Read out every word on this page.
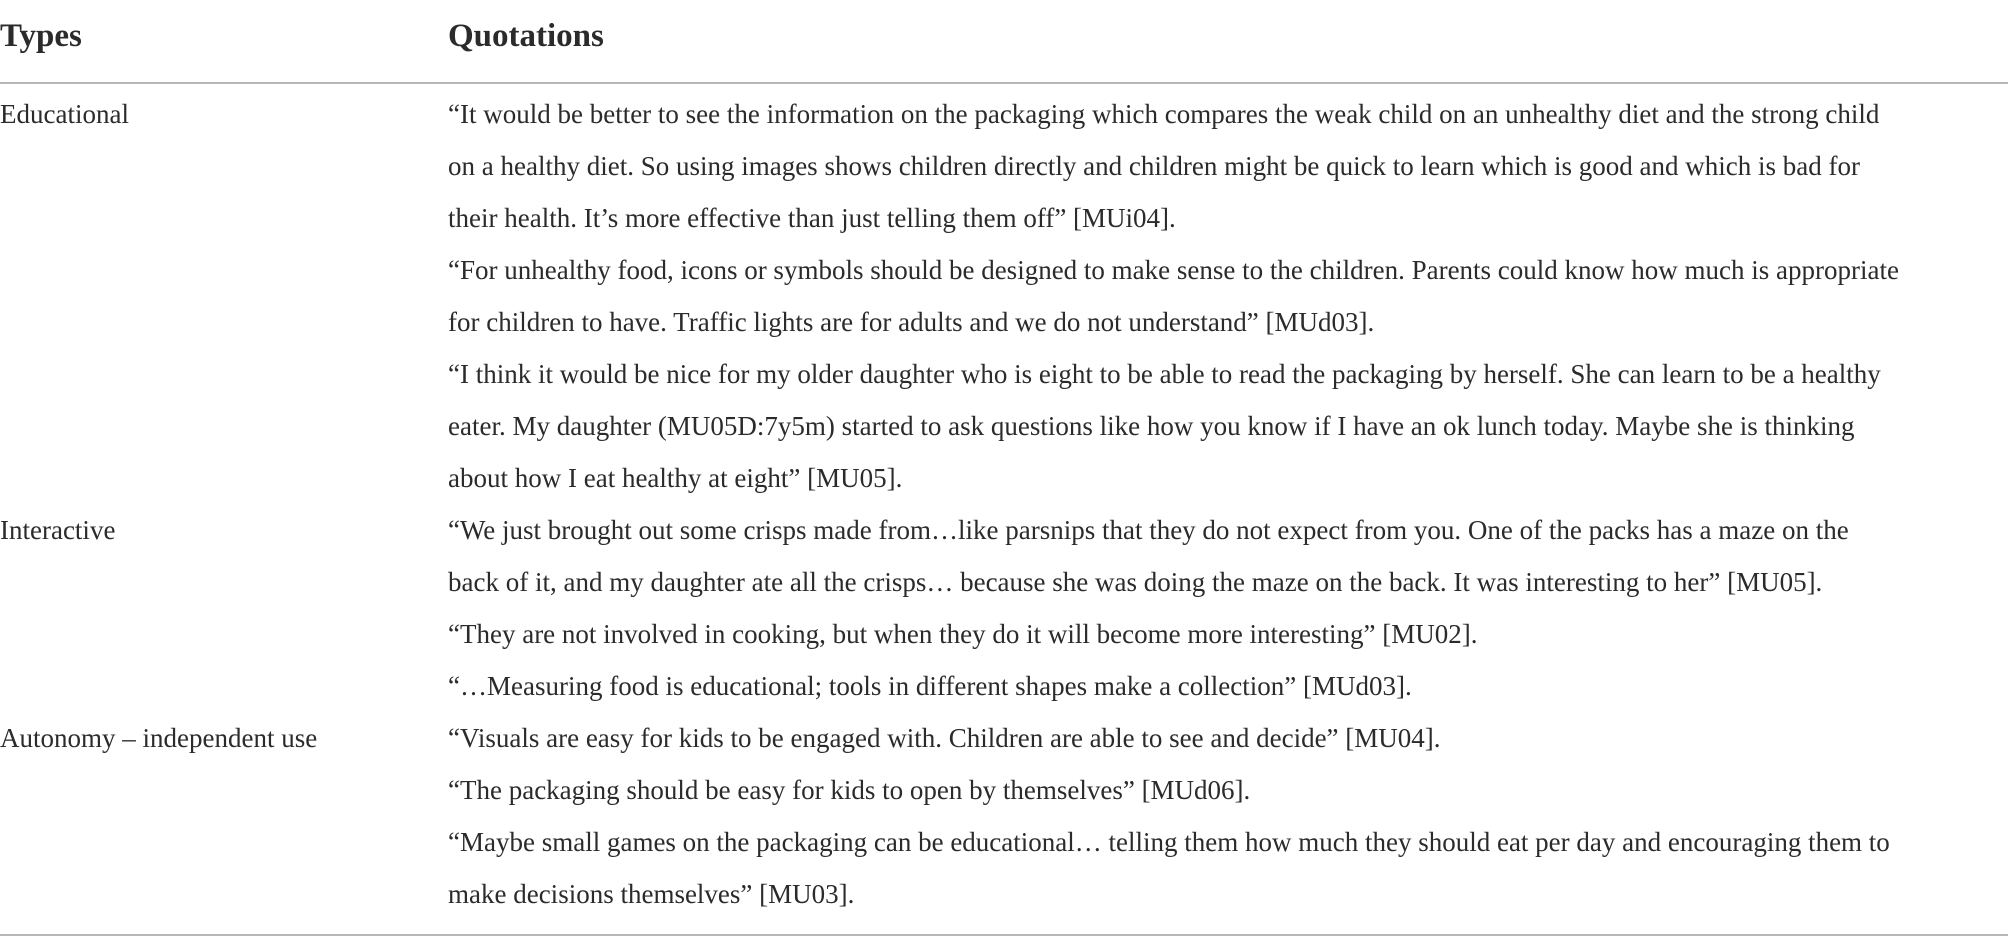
Types	Quotations
Educational	“It would be better to see the information on the packaging which compares the weak child on an unhealthy diet and the strong child
on a healthy diet. So using images shows children directly and children might be quick to learn which is good and which is bad for
their health. It’s more effective than just telling them off” [MUi04].

“For unhealthy food, icons or symbols should be designed to make sense to the children. Parents could know how much is appropriate
for children to have. Traffic lights are for adults and we do not understand” [MUd03].

“I think it would be nice for my older daughter who is eight to be able to read the packaging by herself. She can learn to be a healthy
eater. My daughter (MU05D:7y5m) started to ask questions like how you know if I have an ok lunch today. Maybe she is thinking
about how I eat healthy at eight” [MU05].

Interactive	“We just brought out some crisps made from…like parsnips that they do not expect from you. One of the packs has a maze on the
back of it, and my daughter ate all the crisps… because she was doing the maze on the back. It was interesting to her” [MU05].

“They are not involved in cooking, but when they do it will become more interesting” [MU02].

“…Measuring food is educational; tools in different shapes make a collection” [MUd03].

Autonomy – independent use	“Visuals are easy for kids to be engaged with. Children are able to see and decide” [MU04].

“The packaging should be easy for kids to open by themselves” [MUd06].

“Maybe small games on the packaging can be educational… telling them how much they should eat per day and encouraging them to
make decisions themselves” [MU03].
